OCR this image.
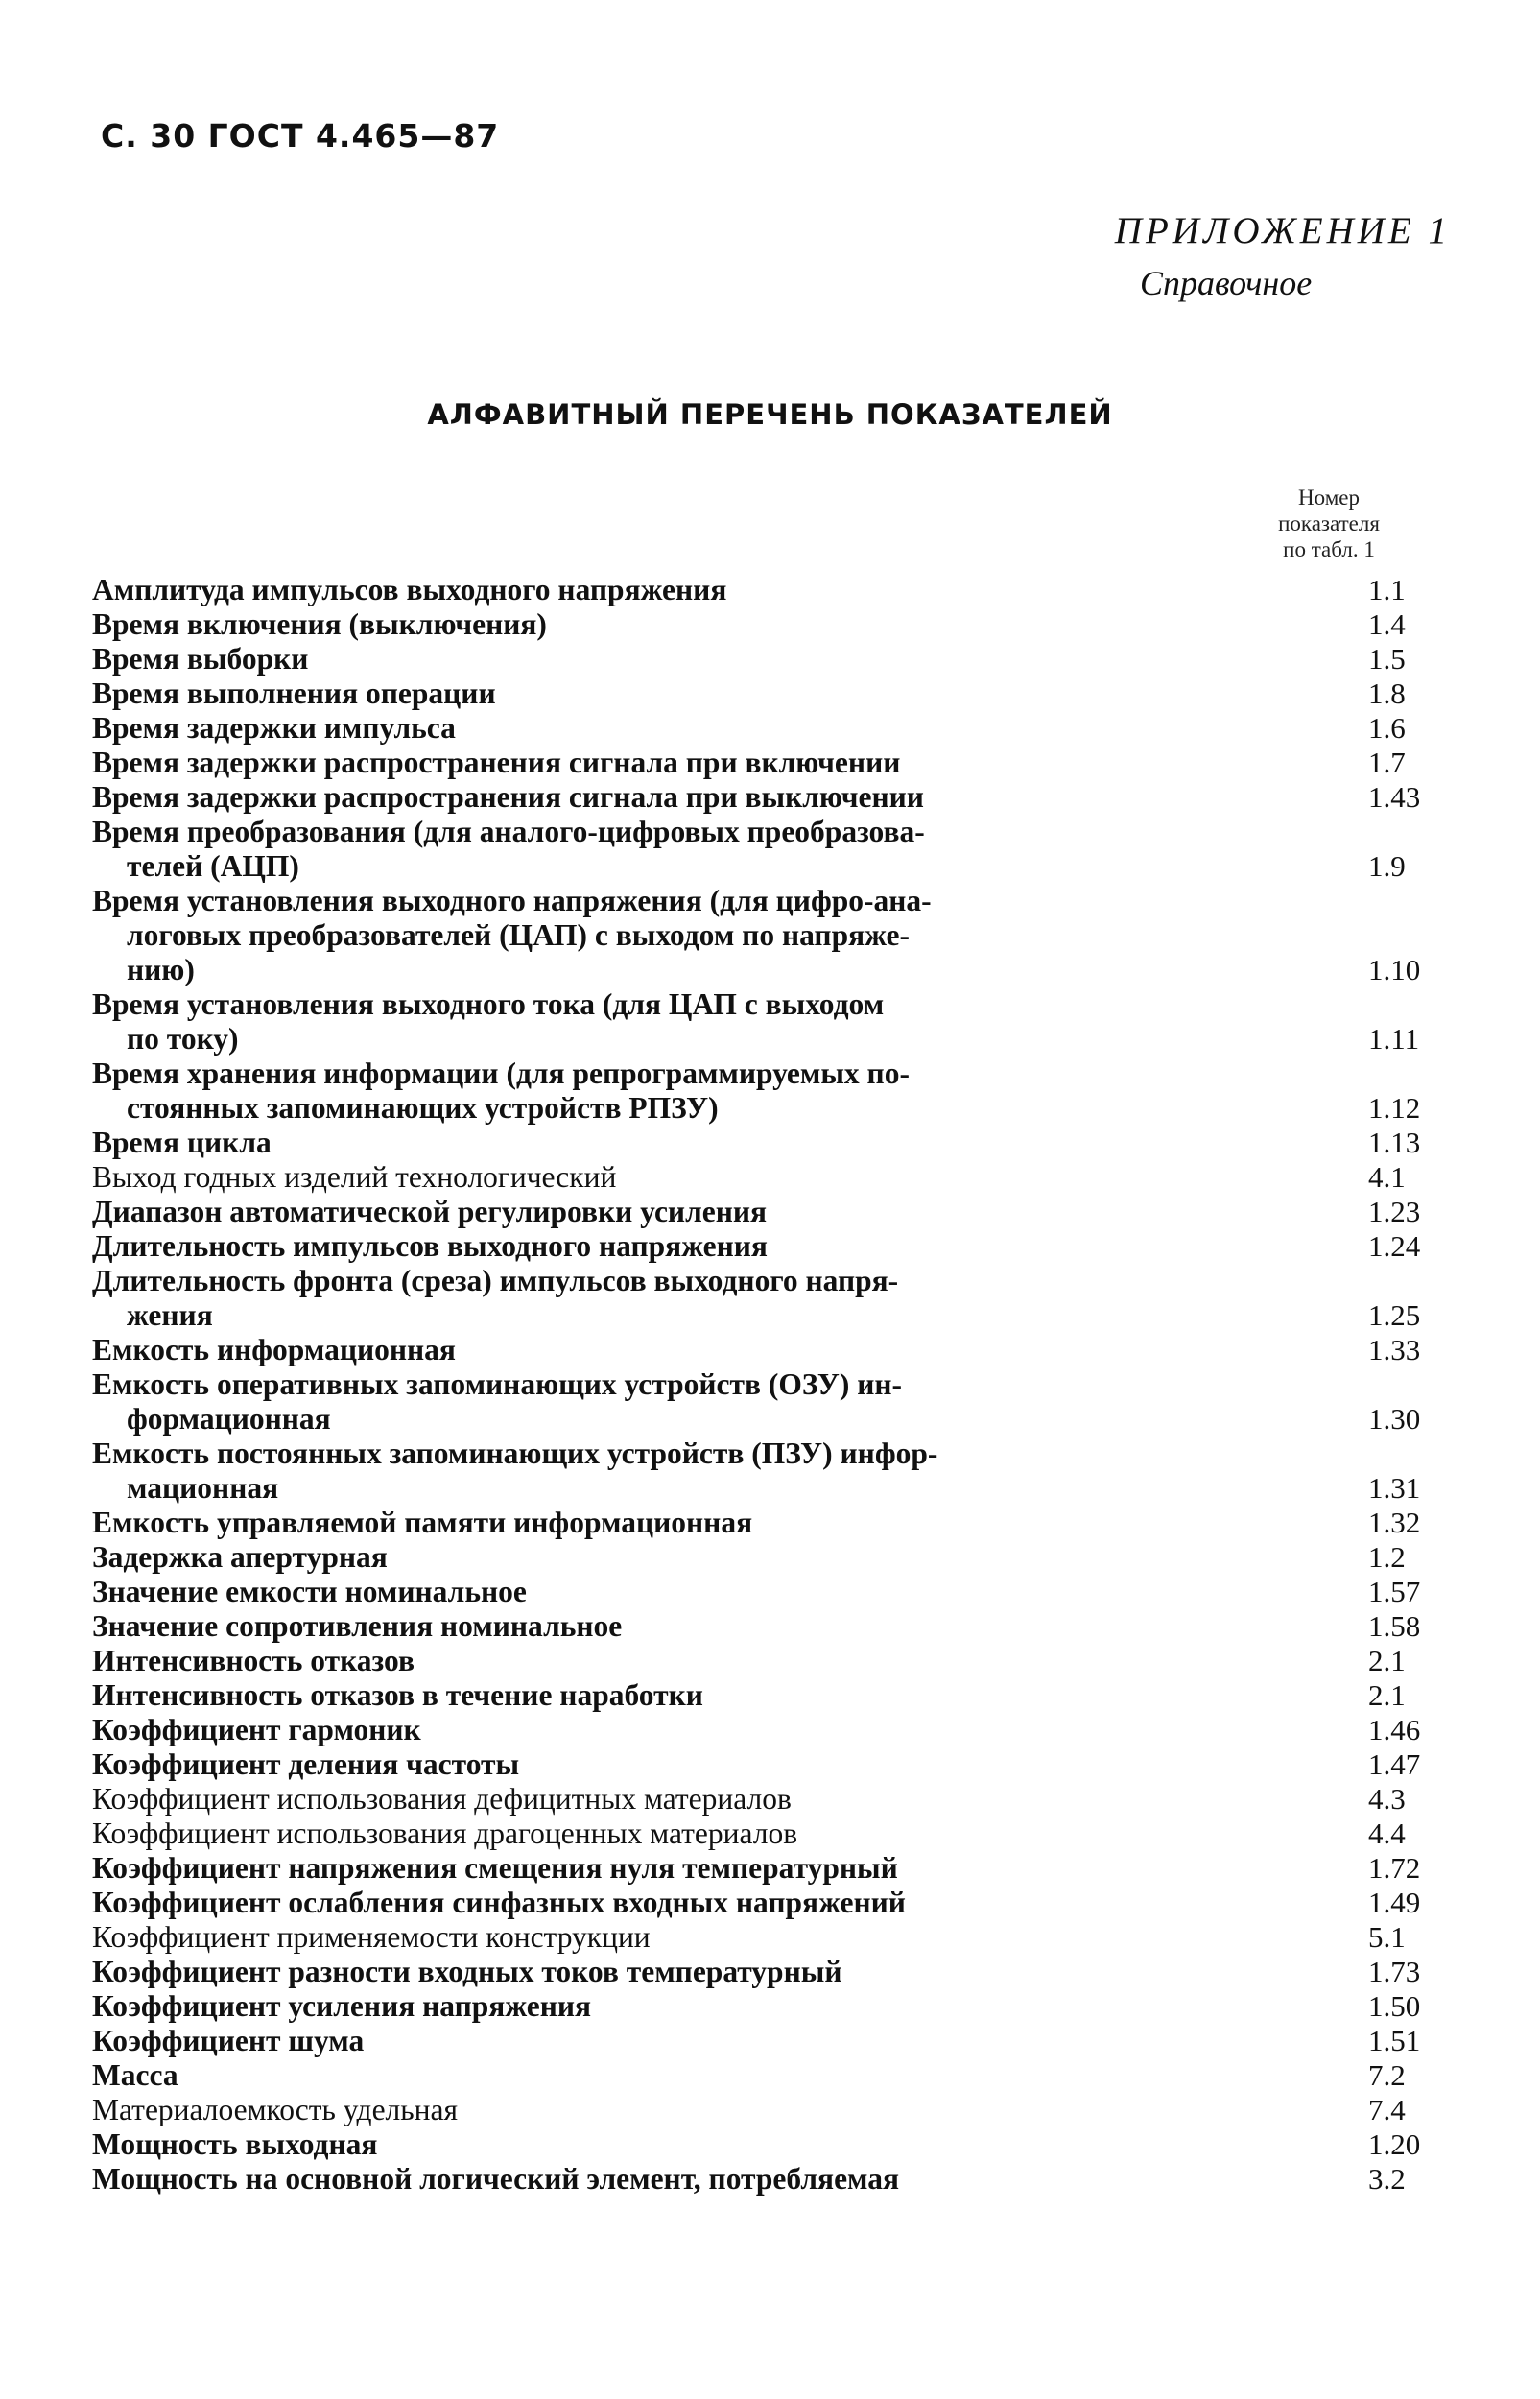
С. 30 ГОСТ 4.465—87
ПРИЛОЖЕНИЕ 1
Справочное
АЛФАВИТНЫЙ ПЕРЕЧЕНЬ ПОКАЗАТЕЛЕЙ
Номер
показателя
по табл. 1
Амплитуда импульсов выходного напряжения	1.1
Время включения (выключения)	1.4
Время выборки	1.5
Время выполнения операции	1.8
Время задержки импульса	1.6
Время задержки распространения сигнала при включении	1.7
Время задержки распространения сигнала при выключении	1.43
Время преобразования (для аналого-цифровых преобразова-
телей (АЦП)	1.9
Время установления выходного напряжения (для цифро-ана-
логовых преобразователей (ЦАП) с выходом по напряже-
нию)	1.10
Время установления выходного тока (для ЦАП с выходом
по току)	1.11
Время хранения информации (для репрограммируемых по-
стоянных запоминающих устройств РПЗУ)	1.12
Время цикла	1.13
Выход годных изделий технологический	4.1
Диапазон автоматической регулировки усиления	1.23
Длительность импульсов выходного напряжения	1.24
Длительность фронта (среза) импульсов выходного напря-
жения	1.25
Емкость информационная	1.33
Емкость оперативных запоминающих устройств (ОЗУ) ин-
формационная	1.30
Емкость постоянных запоминающих устройств (ПЗУ) инфор-
мационная	1.31
Емкость управляемой памяти информационная	1.32
Задержка апертурная	1.2
Значение емкости номинальное	1.57
Значение сопротивления номинальное	1.58
Интенсивность отказов	2.1
Интенсивность отказов в течение наработки	2.1
Коэффициент гармоник	1.46
Коэффициент деления частоты	1.47
Коэффициент использования дефицитных материалов	4.3
Коэффициент использования драгоценных материалов	4.4
Коэффициент напряжения смещения нуля температурный	1.72
Коэффициент ослабления синфазных входных напряжений	1.49
Коэффициент применяемости конструкции	5.1
Коэффициент разности входных токов температурный	1.73
Коэффициент усиления напряжения	1.50
Коэффициент шума	1.51
Масса	7.2
Материалоемкость удельная	7.4
Мощность выходная	1.20
Мощность на основной логический элемент, потребляемая	3.2
